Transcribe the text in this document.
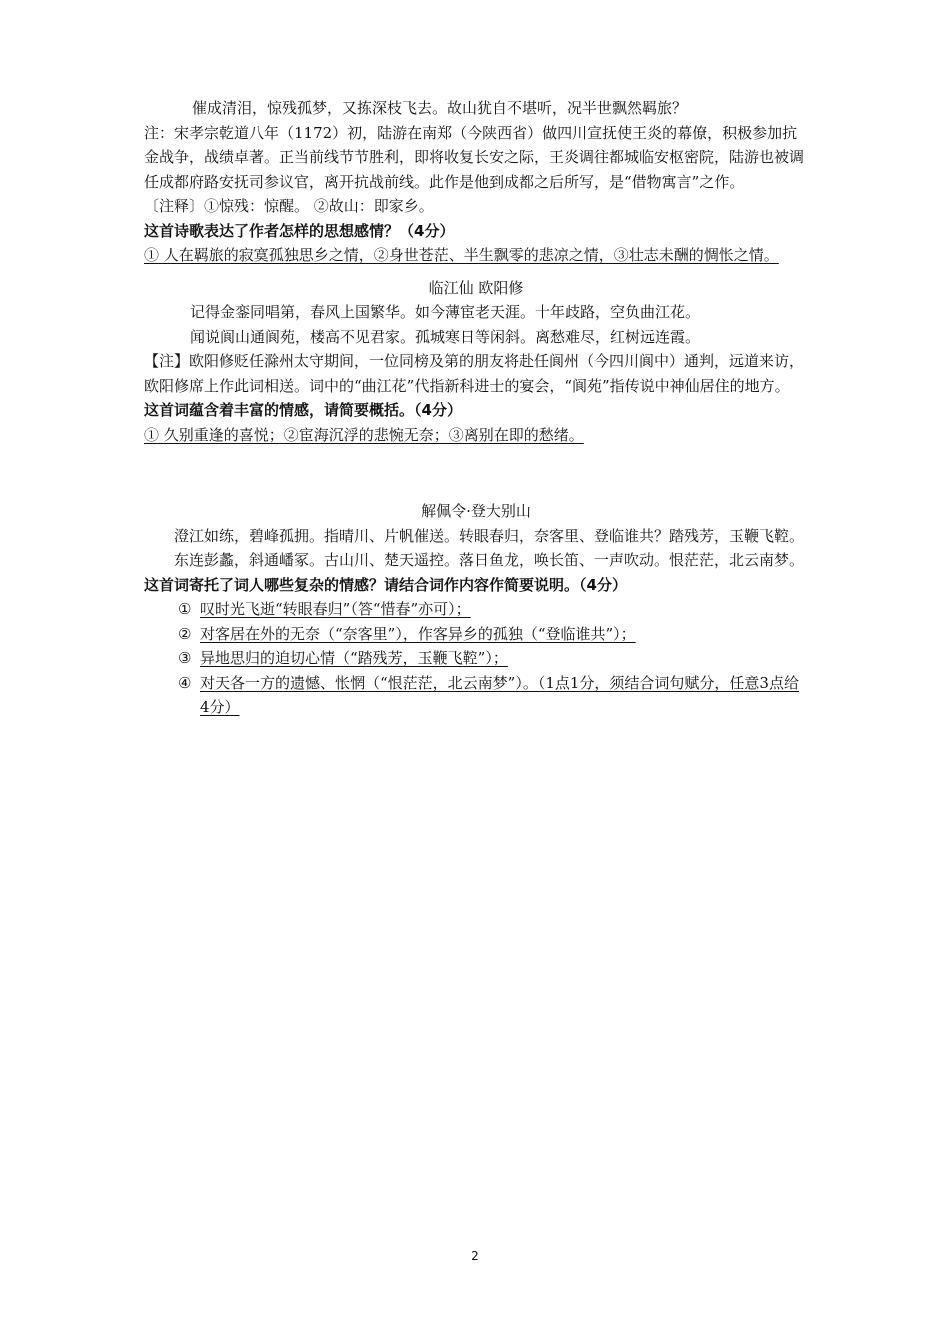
催成清泪，惊残孤梦，又拣深枝飞去。故山犹自不堪听，况半世飘然羁旅？

注：宋孝宗乾道八年（1172）初，陆游在南郑（今陕西省）做四川宣抚使王炎的幕僚，积极参加抗金战争，战绩卓著。正当前线节节胜利，即将收复长安之际，王炎调往都城临安枢密院，陆游也被调任成都府路安抚司参议官，离开抗战前线。此作是他到成都之后所写，是“借物寓言”之作。

〔注释〕①惊残：惊醒。 ②故山：即家乡。

这首诗歌表达了作者怎样的思想感情？（4分）

① 人在羁旅的寂寞孤独思乡之情，②身世苍茫、半生飘零的悲凉之情，③壮志未酬的惆怅之情。

临江仙 欧阳修

记得金銮同唱第，春风上国繁华。如今薄宦老天涯。十年歧路，空负曲江花。

闻说阆山通阆苑，楼高不见君家。孤城寒日等闲斜。离愁难尽，红树远连霞。

【注】欧阳修贬任滁州太守期间，一位同榜及第的朋友将赴任阆州（今四川阆中）通判，远道来访，欧阳修席上作此词相送。词中的“曲江花”代指新科进士的宴会，“阆苑”指传说中神仙居住的地方。

这首词蕴含着丰富的情感，请简要概括。（4分）

① 久别重逢的喜悦；②宦海沉浮的悲惋无奈；③离别在即的愁绪。

解佩令·登大别山

澄江如练，碧峰孤拥。指晴川、片帆催送。转眼春归，奈客里、登临谁共？踏残芳，玉鞭飞鞚。　　　东连彭蠡，斜通嶓冢。古山川、楚天遥控。落日鱼龙，唤长笛、一声吹动。恨茫茫，北云南梦。

这首词寄托了词人哪些复杂的情感？请结合词作内容作简要说明。（4分）

① 叹时光飞逝“转眼春归”（答“惜春”亦可）；
② 对客居在外的无奈（“奈客里”），作客异乡的孤独（“登临谁共”）；
③ 异地思归的迫切心情（“踏残芳，玉鞭飞鞚”）；
④ 对天各一方的遗憾、怅惘（“恨茫茫，北云南梦”）。（1点1分，须结合词句赋分，任意3点给4分）
2
